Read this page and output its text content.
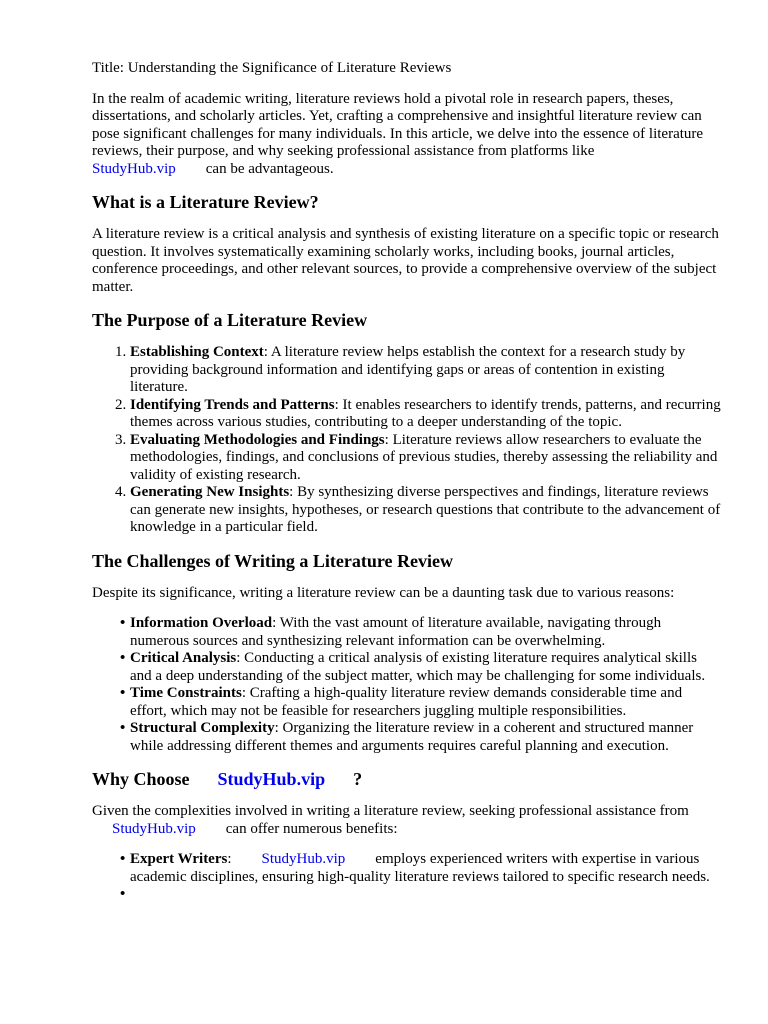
Title: Understanding the Significance of Literature Reviews

In the realm of academic writing, literature reviews hold a pivotal role in research papers, theses, dissertations, and scholarly articles. Yet, crafting a comprehensive and insightful literature review can pose significant challenges for many individuals. In this article, we delve into the essence of literature reviews, their purpose, and why seeking professional assistance from platforms like
StudyHub.vip can be advantageous.

What is a Literature Review?

A literature review is a critical analysis and synthesis of existing literature on a specific topic or research question. It involves systematically examining scholarly works, including books, journal articles, conference proceedings, and other relevant sources, to provide a comprehensive overview of the subject matter.

The Purpose of a Literature Review
1. Establishing Context: A literature review helps establish the context for a research study by providing background information and identifying gaps or areas of contention in existing literature.
2. Identifying Trends and Patterns: It enables researchers to identify trends, patterns, and recurring themes across various studies, contributing to a deeper understanding of the topic.
3. Evaluating Methodologies and Findings: Literature reviews allow researchers to evaluate the methodologies, findings, and conclusions of previous studies, thereby assessing the reliability and validity of existing research.
4. Generating New Insights: By synthesizing diverse perspectives and findings, literature reviews can generate new insights, hypotheses, or research questions that contribute to the advancement of knowledge in a particular field.
The Challenges of Writing a Literature Review

Despite its significance, writing a literature review can be a daunting task due to various reasons:

• Information Overload: With the vast amount of literature available, navigating through numerous sources and synthesizing relevant information can be overwhelming.
• Critical Analysis: Conducting a critical analysis of existing literature requires analytical skills and a deep understanding of the subject matter, which may be challenging for some individuals.
• Time Constraints: Crafting a high-quality literature review demands considerable time and effort, which may not be feasible for researchers juggling multiple responsibilities.
• Structural Complexity: Organizing the literature review in a coherent and structured manner while addressing different themes and arguments requires careful planning and execution.
Why Choose StudyHub.vip ?

Given the complexities involved in writing a literature review, seeking professional assistance from
StudyHub.vip can offer numerous benefits:

• Expert Writers: StudyHub.vip employs experienced writers with expertise in various academic disciplines, ensuring high-quality literature reviews tailored to specific research needs.
•
